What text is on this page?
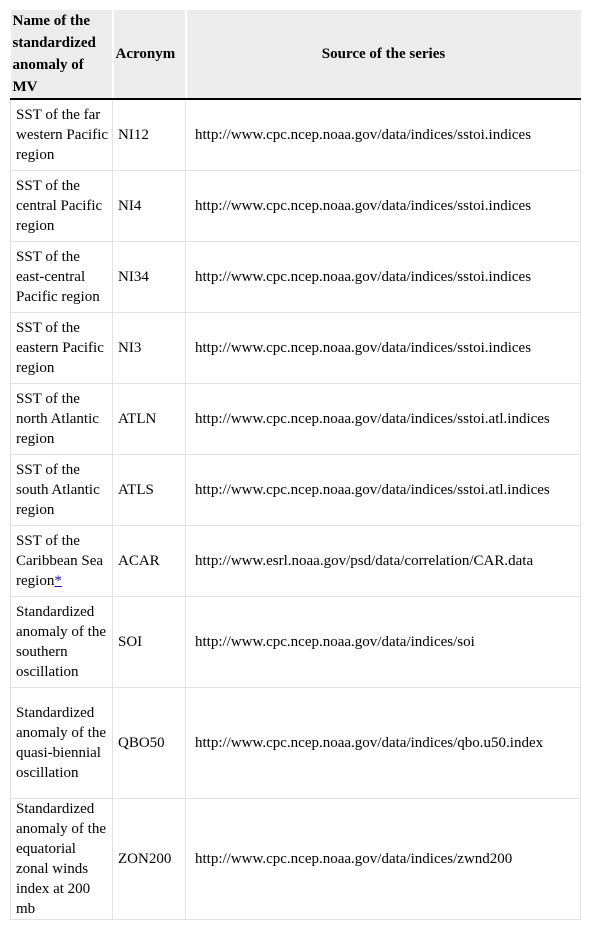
Name of the standardized anomaly of MV	Acronym	Source of the series
SST of the far western Pacific region	NI12	http://www.cpc.ncep.noaa.gov/data/indices/sstoi.indices
SST of the central Pacific region	NI4	http://www.cpc.ncep.noaa.gov/data/indices/sstoi.indices
SST of the east-central Pacific region	NI34	http://www.cpc.ncep.noaa.gov/data/indices/sstoi.indices
SST of the eastern Pacific region	NI3	http://www.cpc.ncep.noaa.gov/data/indices/sstoi.indices
SST of the north Atlantic region	ATLN	http://www.cpc.ncep.noaa.gov/data/indices/sstoi.atl.indices
SST of the south Atlantic region	ATLS	http://www.cpc.ncep.noaa.gov/data/indices/sstoi.atl.indices
SST of the Caribbean Sea region*	ACAR	http://www.esrl.noaa.gov/psd/data/correlation/CAR.data
Standardized anomaly of the southern oscillation	SOI	http://www.cpc.ncep.noaa.gov/data/indices/soi
Standardized anomaly of the quasi-biennial oscillation	QBO50	http://www.cpc.ncep.noaa.gov/data/indices/qbo.u50.index
Standardized anomaly of the equatorial zonal winds index at 200 mb	ZON200	http://www.cpc.ncep.noaa.gov/data/indices/zwnd200
